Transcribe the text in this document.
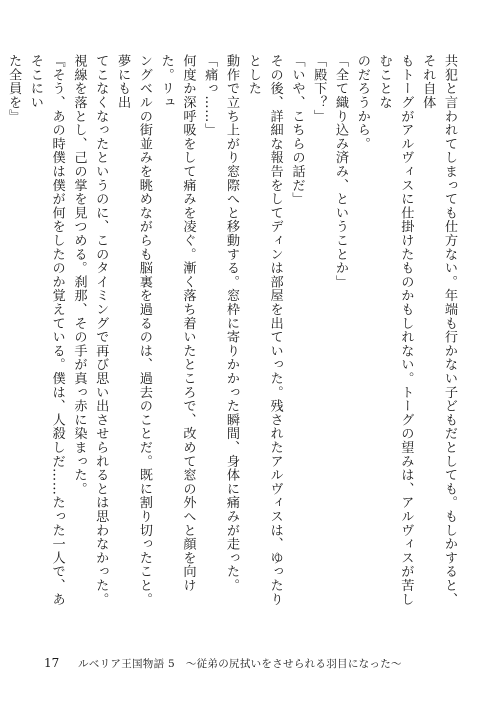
共犯と言われてしまっても仕方ない。年端も行かない子どもだとしても。もしかすると、それ自体

もトーグがアルヴィスに仕掛けたものかもしれない。トーグの望みは、アルヴィスが苦しむことな

のだろうから。

「全て織り込み済み、ということか」

「殿下？」

「いや、こちらの話だ」

その後、詳細な報告をしてディンは部屋を出ていった。残されたアルヴィスは、ゆったりとした

動作で立ち上がり窓際へと移動する。窓枠に寄りかかった瞬間、身体に痛みが走った。

「痛っ……」

何度か深呼吸をして痛みを凌ぐ。漸く落ち着いたところで、改めて窓の外へと顔を向けた。リュ

ングベルの街並みを眺めながらも脳裏を過るのは、過去のことだ。既に割り切ったこと。夢にも出

てこなくなったというのに、このタイミングで再び思い出させられるとは思わなかった。

視線を落とし、己の掌を見つめる。刹那、その手が真っ赤に染まった。

『そう、あの時僕は僕が何をしたのか覚えている。僕は、人殺しだ……たった一人で、あそこにい

た全員を』

17 ルベリア王国物語 5　～従弟の尻拭いをさせられる羽目になった～
